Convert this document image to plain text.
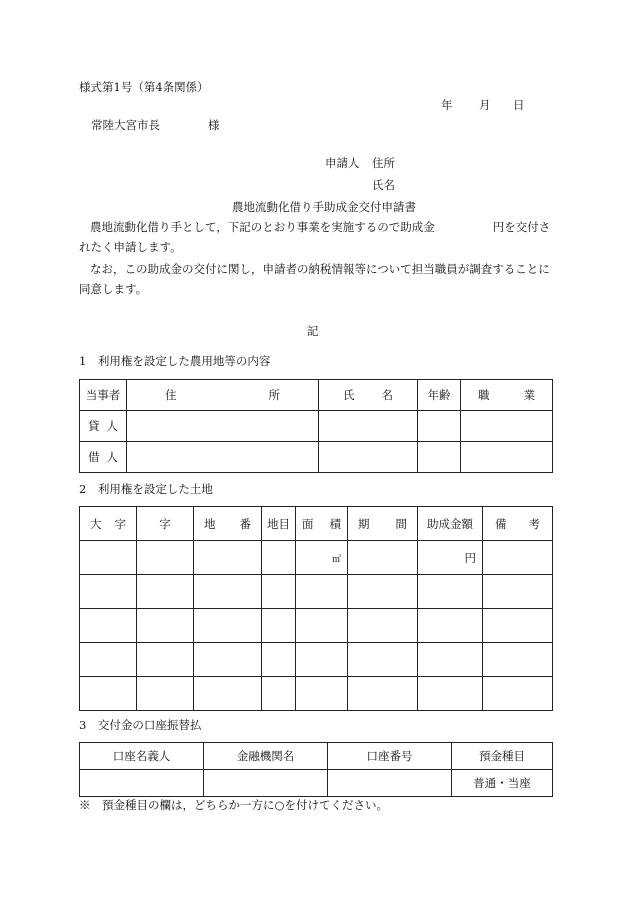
様式第1号（第4条関係）
年 月 日
常陸大宮市長	様
申請人 住所
氏名
農地流動化借り手助成金交付申請書

農地流動化借り手として，下記のとおり事業を実施するので助成金	円を交付されたく申請します。

なお，この助成金の交付に関し，申請者の納税情報等について担当職員が調査することに同意します。

記
1　利用権を設定した農用地等の内容
当事者	住 所	氏 名	年齢	職 業

貸 人				

借 人				

2　利用権を設定した土地
大 字	字	地 番	地目	面 積	期 間	助成金額	備 考

				㎡		円	

3　交付金の口座振替払
口座名義人	金融機関名	口座番号	預金種目
			普通・当座
※　預金種目の欄は，どちらか一方に○を付けてください。
